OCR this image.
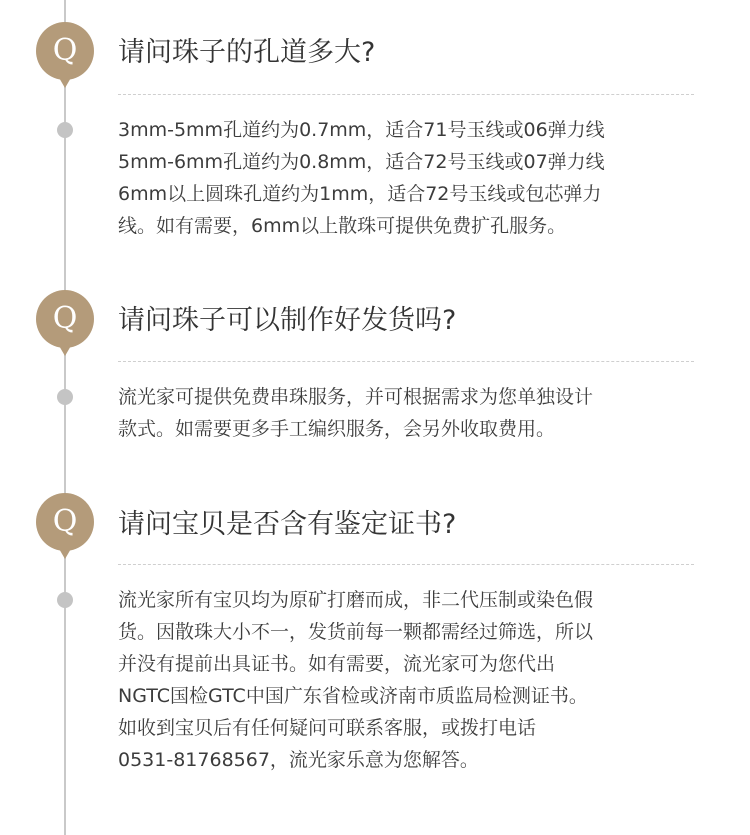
Q	请问珠子的孔道多大?
3mm-5mm孔道约为0.7mm，适合71号玉线或06弹力线
5mm-6mm孔道约为0.8mm，适合72号玉线或07弹力线
6mm以上圆珠孔道约为1mm，适合72号玉线或包芯弹力
线。如有需要，6mm以上散珠可提供免费扩孔服务。
Q	请问珠子可以制作好发货吗?
流光家可提供免费串珠服务，并可根据需求为您单独设计
款式。如需要更多手工编织服务，会另外收取费用。
Q	请问宝贝是否含有鉴定证书?
流光家所有宝贝均为原矿打磨而成，非二代压制或染色假
货。因散珠大小不一，发货前每一颗都需经过筛选，所以
并没有提前出具证书。如有需要，流光家可为您代出
NGTC国检GTC中国广东省检或济南市质监局检测证书。
如收到宝贝后有任何疑问可联系客服，或拨打电话
0531-81768567，流光家乐意为您解答。
